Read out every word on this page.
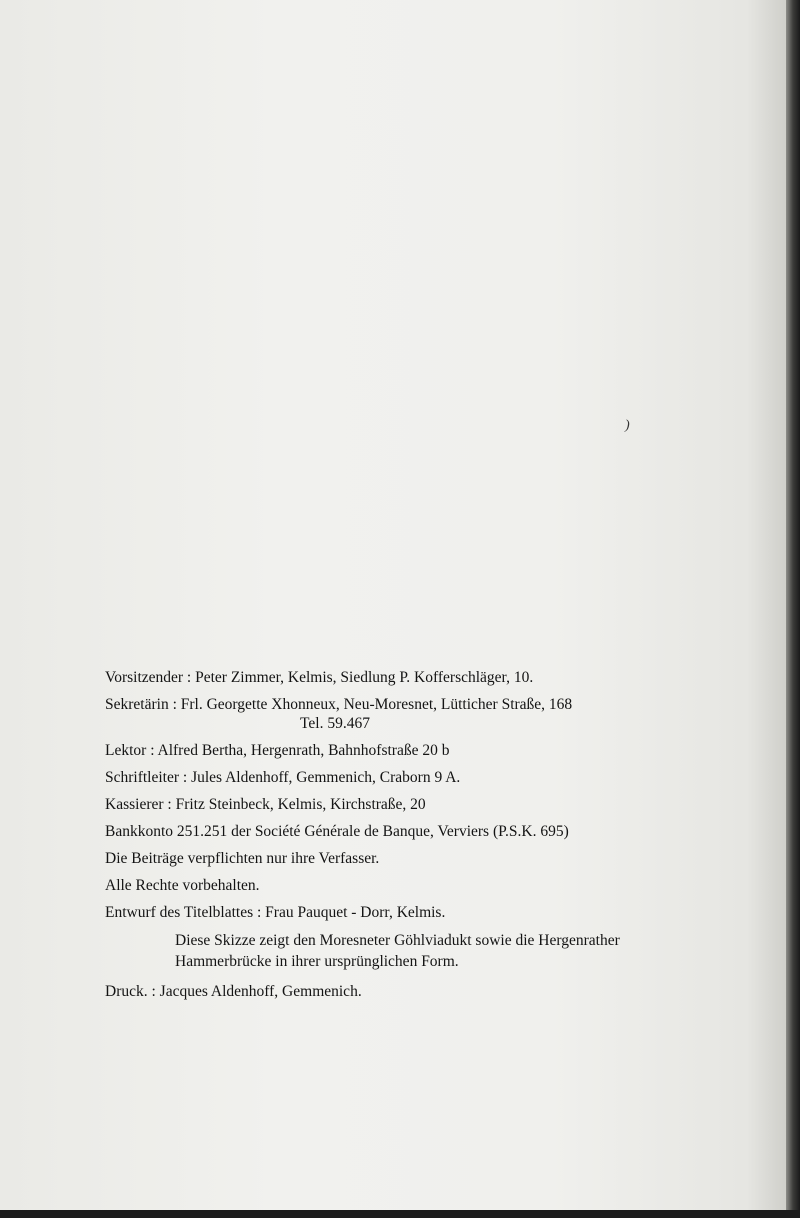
)
Vorsitzender : Peter Zimmer, Kelmis, Siedlung P. Kofferschläger, 10.
Sekretärin : Frl. Georgette Xhonneux, Neu-Moresnet, Lütticher Straße, 168
Tel. 59.467
Lektor : Alfred Bertha, Hergenrath, Bahnhofstraße 20 b
Schriftleiter : Jules Aldenhoff, Gemmenich, Craborn 9 A.
Kassierer : Fritz Steinbeck, Kelmis, Kirchstraße, 20
Bankkonto 251.251 der Société Générale de Banque, Verviers (P.S.K. 695)
Die Beiträge verpflichten nur ihre Verfasser.
Alle Rechte vorbehalten.
Entwurf des Titelblattes : Frau Pauquet - Dorr, Kelmis.
Diese Skizze zeigt den Moresneter Göhlviadukt sowie die Hergenrather Hammerbrücke in ihrer ursprünglichen Form.
Druck. : Jacques Aldenhoff, Gemmenich.
